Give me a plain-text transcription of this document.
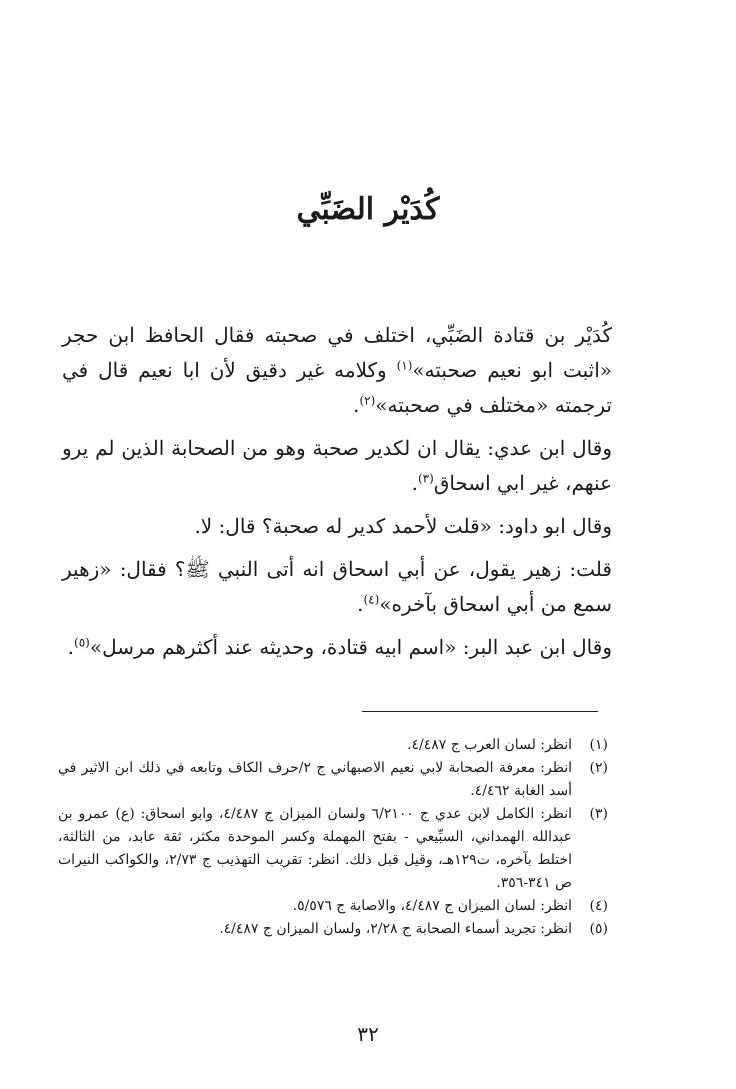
كُدَيْر الضَبِّي

كُدَيْر بن قتادة الضَبِّي، اختلف في صحبته فقال الحافظ ابن حجر «اثبت ابو نعيم صحبته»$^{(١)}$ وكلامه غير دقيق لأن ابا نعيم قال في ترجمته «مختلف في صحبته»$^{(٢)}$.

وقال ابن عدي: يقال ان لكدير صحبة وهو من الصحابة الذين لم يرو عنهم، غير ابي اسحاق$^{(٣)}$.

وقال ابو داود: «قلت لأحمد كدير له صحبة؟ قال: لا.

قلت: زهير يقول، عن أبي اسحاق انه أتى النبي ﷺ؟ فقال: «زهير سمع من أبي اسحاق بآخره»$^{(٤)}$.

وقال ابن عبد البر: «اسم ابيه قتادة، وحديثه عند أكثرهم مرسل»$^{(٥)}$.

(١)
انظر: لسان العرب ج ٤/٤٨٧.
(٢)
انظر: معرفة الصحابة لابي نعيم الاصبهاني ج ٢/حرف الكاف وتابعه في ذلك ابن الاثير في أسد الغابة ٤/٤٦٢.
(٣)
انظر: الكامل لابن عدي ج ٦/٢١٠٠ ولسان الميزان ج ٤/٤٨٧، وابو اسحاق: (ع) عمرو بن عبدالله الهمداني، السبِّيعي - بفتح المهملة وكسر الموحدة مكثر، ثقة عابد، من الثالثة، اختلط بآخره، ت١٢٩هـ، وقيل قبل ذلك. انظر: تقريب التهذيب ج ٢/٧٣، والكواكب النيرات ص ٣٤١-٣٥٦.
(٤)
انظر: لسان الميزان ج ٤/٤٨٧، والاصابة ج ٥/٥٧٦.
(٥)
انظر: تجريد أسماء الصحابة ج ٢/٢٨، ولسان الميزان ج ٤/٤٨٧.

٣٢
